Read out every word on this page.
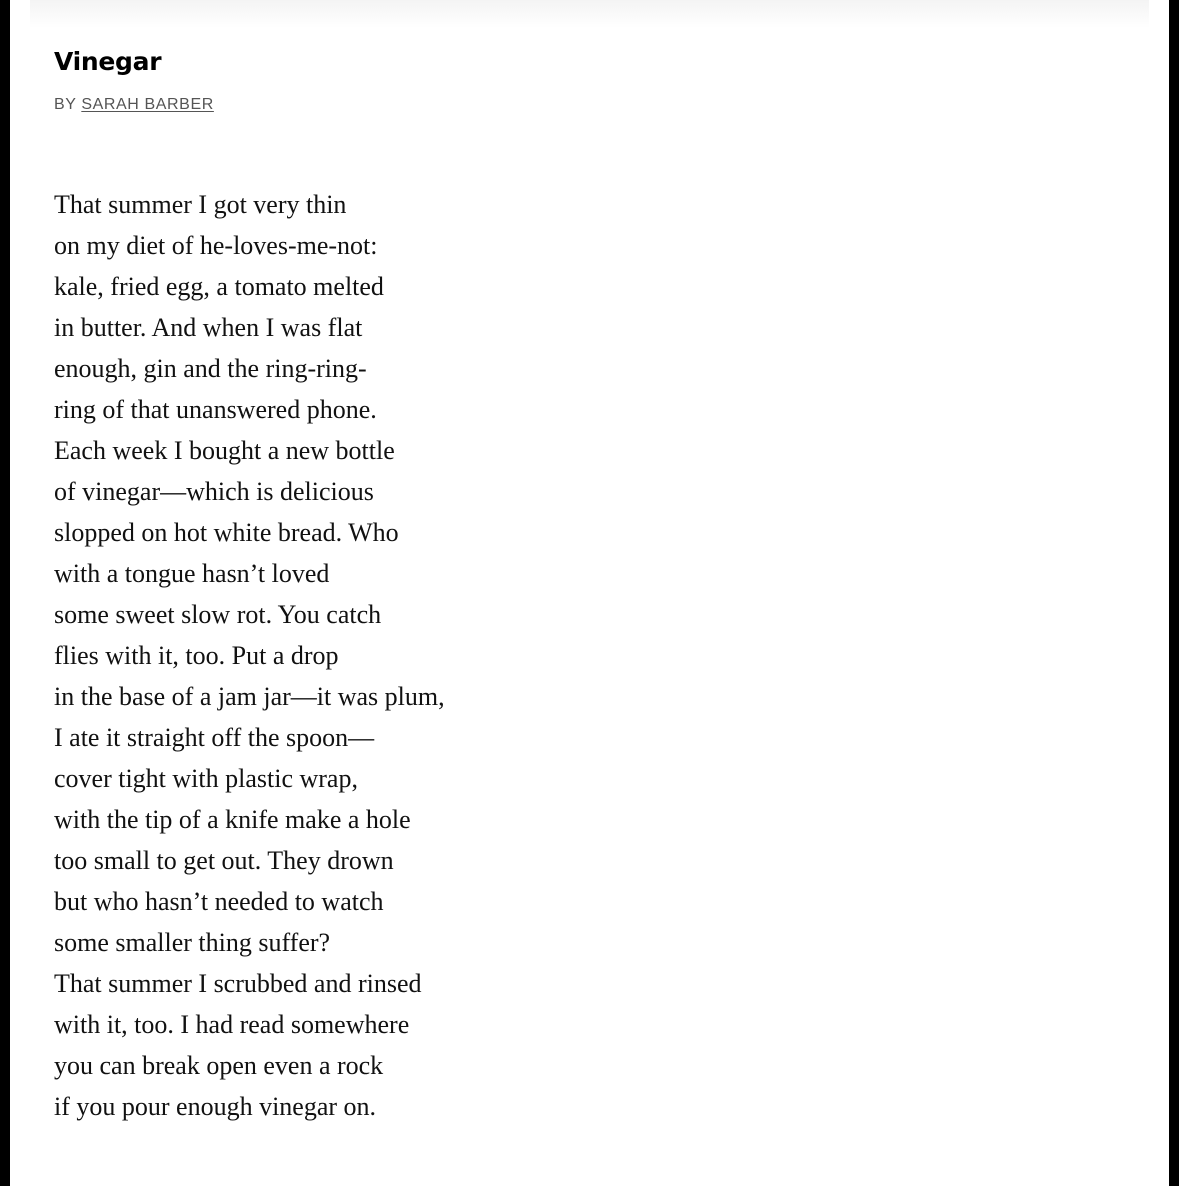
Vinegar
BY SARAH BARBER
That summer I got very thin
on my diet of he-loves-me-not:
kale, fried egg, a tomato melted
in butter. And when I was flat
enough, gin and the ring-ring-
ring of that unanswered phone.
Each week I bought a new bottle
of vinegar—which is delicious
slopped on hot white bread. Who
with a tongue hasn’t loved
some sweet slow rot. You catch
flies with it, too. Put a drop
in the base of a jam jar—it was plum,
I ate it straight off the spoon—
cover tight with plastic wrap,
with the tip of a knife make a hole
too small to get out. They drown
but who hasn’t needed to watch
some smaller thing suffer?
That summer I scrubbed and rinsed
with it, too. I had read somewhere
you can break open even a rock
if you pour enough vinegar on.
